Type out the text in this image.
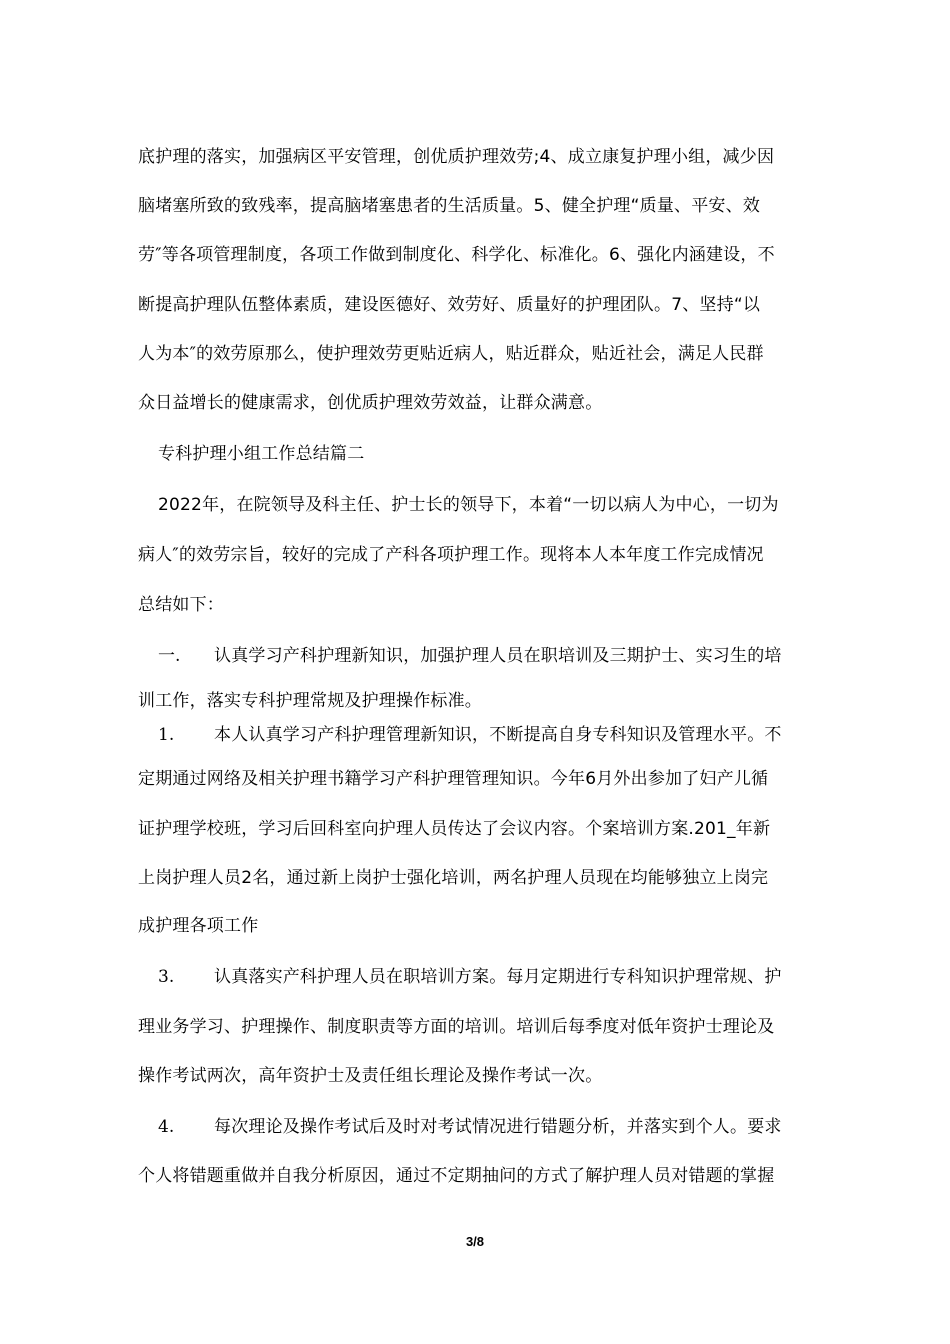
底护理的落实，加强病区平安管理，创优质护理效劳;4、成立康复护理小组，减少因
脑堵塞所致的致残率，提高脑堵塞患者的生活质量。5、健全护理“质量、平安、效
劳″等各项管理制度，各项工作做到制度化、科学化、标准化。6、强化内涵建设，不
断提高护理队伍整体素质，建设医德好、效劳好、质量好的护理团队。7、坚持“以
人为本″的效劳原那么，使护理效劳更贴近病人，贴近群众，贴近社会，满足人民群
众日益增长的健康需求，创优质护理效劳效益，让群众满意。
专科护理小组工作总结篇二
2022年，在院领导及科主任、护士长的领导下，本着“一切以病人为中心，一切为
病人″的效劳宗旨，较好的完成了产科各项护理工作。现将本人本年度工作完成情况
总结如下：
一. 认真学习产科护理新知识，加强护理人员在职培训及三期护士、实习生的培
训工作，落实专科护理常规及护理操作标准。
1. 本人认真学习产科护理管理新知识，不断提高自身专科知识及管理水平。不
定期通过网络及相关护理书籍学习产科护理管理知识。今年6月外出参加了妇产儿循
证护理学校班，学习后回科室向护理人员传达了会议内容。个案培训方案.201_年新
上岗护理人员2名，通过新上岗护士强化培训，两名护理人员现在均能够独立上岗完
成护理各项工作
3. 认真落实产科护理人员在职培训方案。每月定期进行专科知识护理常规、护
理业务学习、护理操作、制度职责等方面的培训。培训后每季度对低年资护士理论及
操作考试两次，高年资护士及责任组长理论及操作考试一次。
4. 每次理论及操作考试后及时对考试情况进行错题分析，并落实到个人。要求
个人将错题重做并自我分析原因，通过不定期抽问的方式了解护理人员对错题的掌握
3/8
